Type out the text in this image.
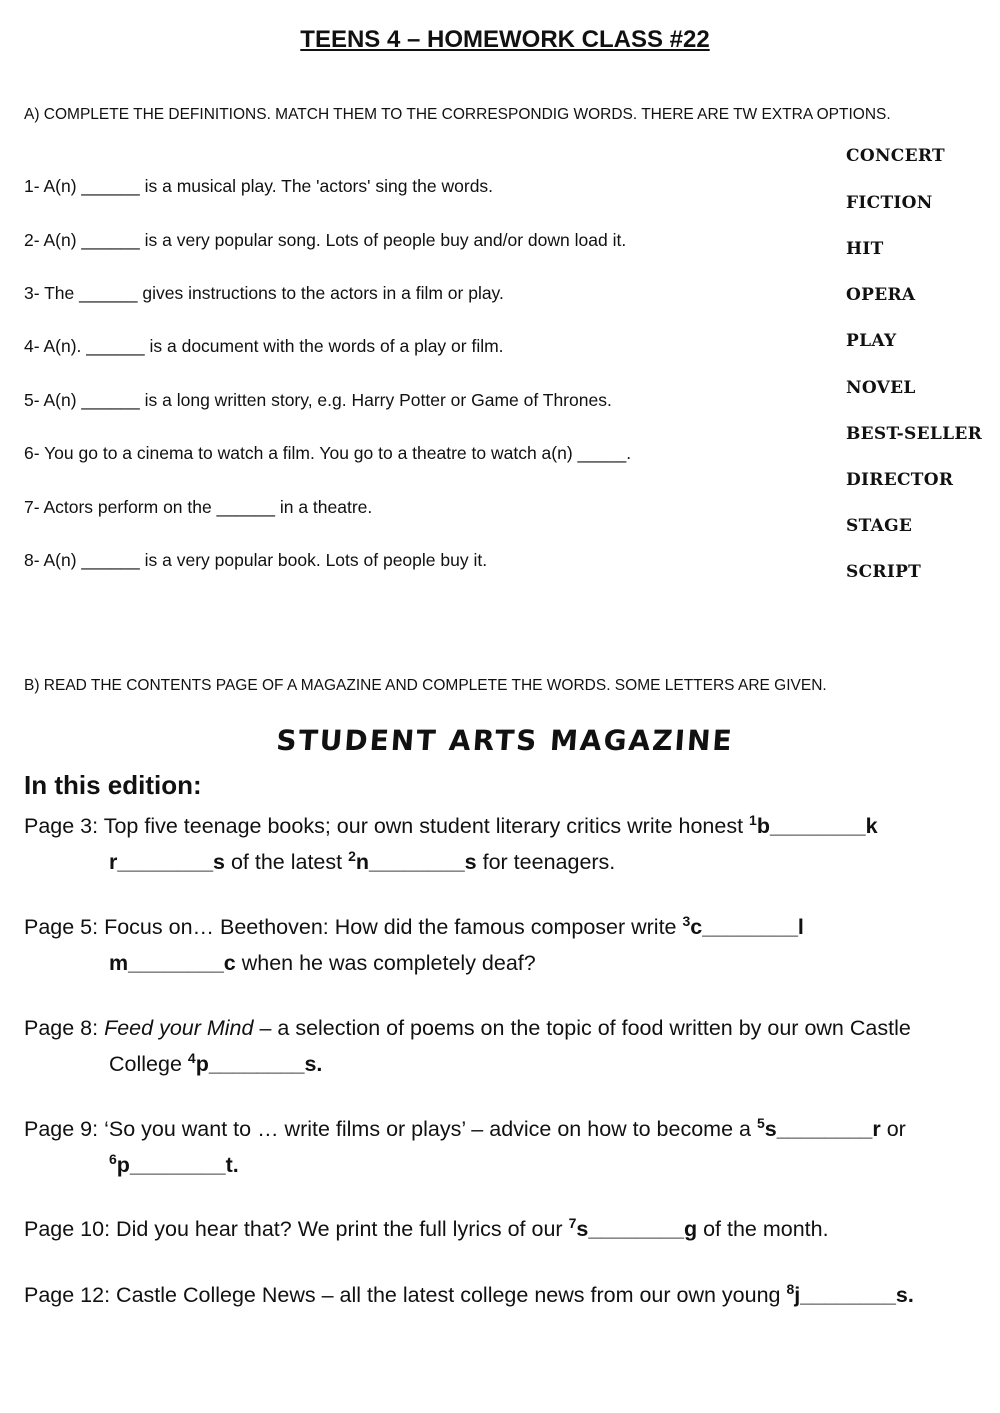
TEENS 4 – HOMEWORK CLASS #22
A) COMPLETE THE DEFINITIONS. MATCH THEM TO THE CORRESPONDIG WORDS. THERE ARE TW EXTRA OPTIONS.
1- A(n) ______ is a musical play. The 'actors' sing the words.
2- A(n) ______ is a very popular song. Lots of people buy and/or down load it.
3- The ______ gives instructions to the actors in a film or play.
4- A(n). ______ is a document with the words of a play or film.
5- A(n) ______ is a long written story, e.g. Harry Potter or Game of Thrones.
6- You go to a cinema to watch a film. You go to a theatre to watch a(n) _____.
7- Actors perform on the ______ in a theatre.
8- A(n) ______ is a very popular book. Lots of people buy it.
CONCERT
FICTION
HIT
OPERA
PLAY
NOVEL
BEST-SELLER
DIRECTOR
STAGE
SCRIPT
B) READ THE CONTENTS PAGE OF A MAGAZINE AND COMPLETE THE WORDS. SOME LETTERS ARE GIVEN.
STUDENT ARTS MAGAZINE
In this edition:
Page 3: Top five teenage books; our own student literary critics write honest $^1$b________k
r________s of the latest $^2$n________s for teenagers.
Page 5: Focus on… Beethoven: How did the famous composer write $^3$c________l
m________c when he was completely deaf?
Page 8: Feed your Mind – a selection of poems on the topic of food written by our own Castle
College $^4$p________s.
Page 9: ‘So you want to … write films or plays’ – advice on how to become a $^5$s________r or
$^6$p________t.
Page 10: Did you hear that? We print the full lyrics of our $^7$s________g of the month.
Page 12: Castle College News – all the latest college news from our own young $^8$j________s.
